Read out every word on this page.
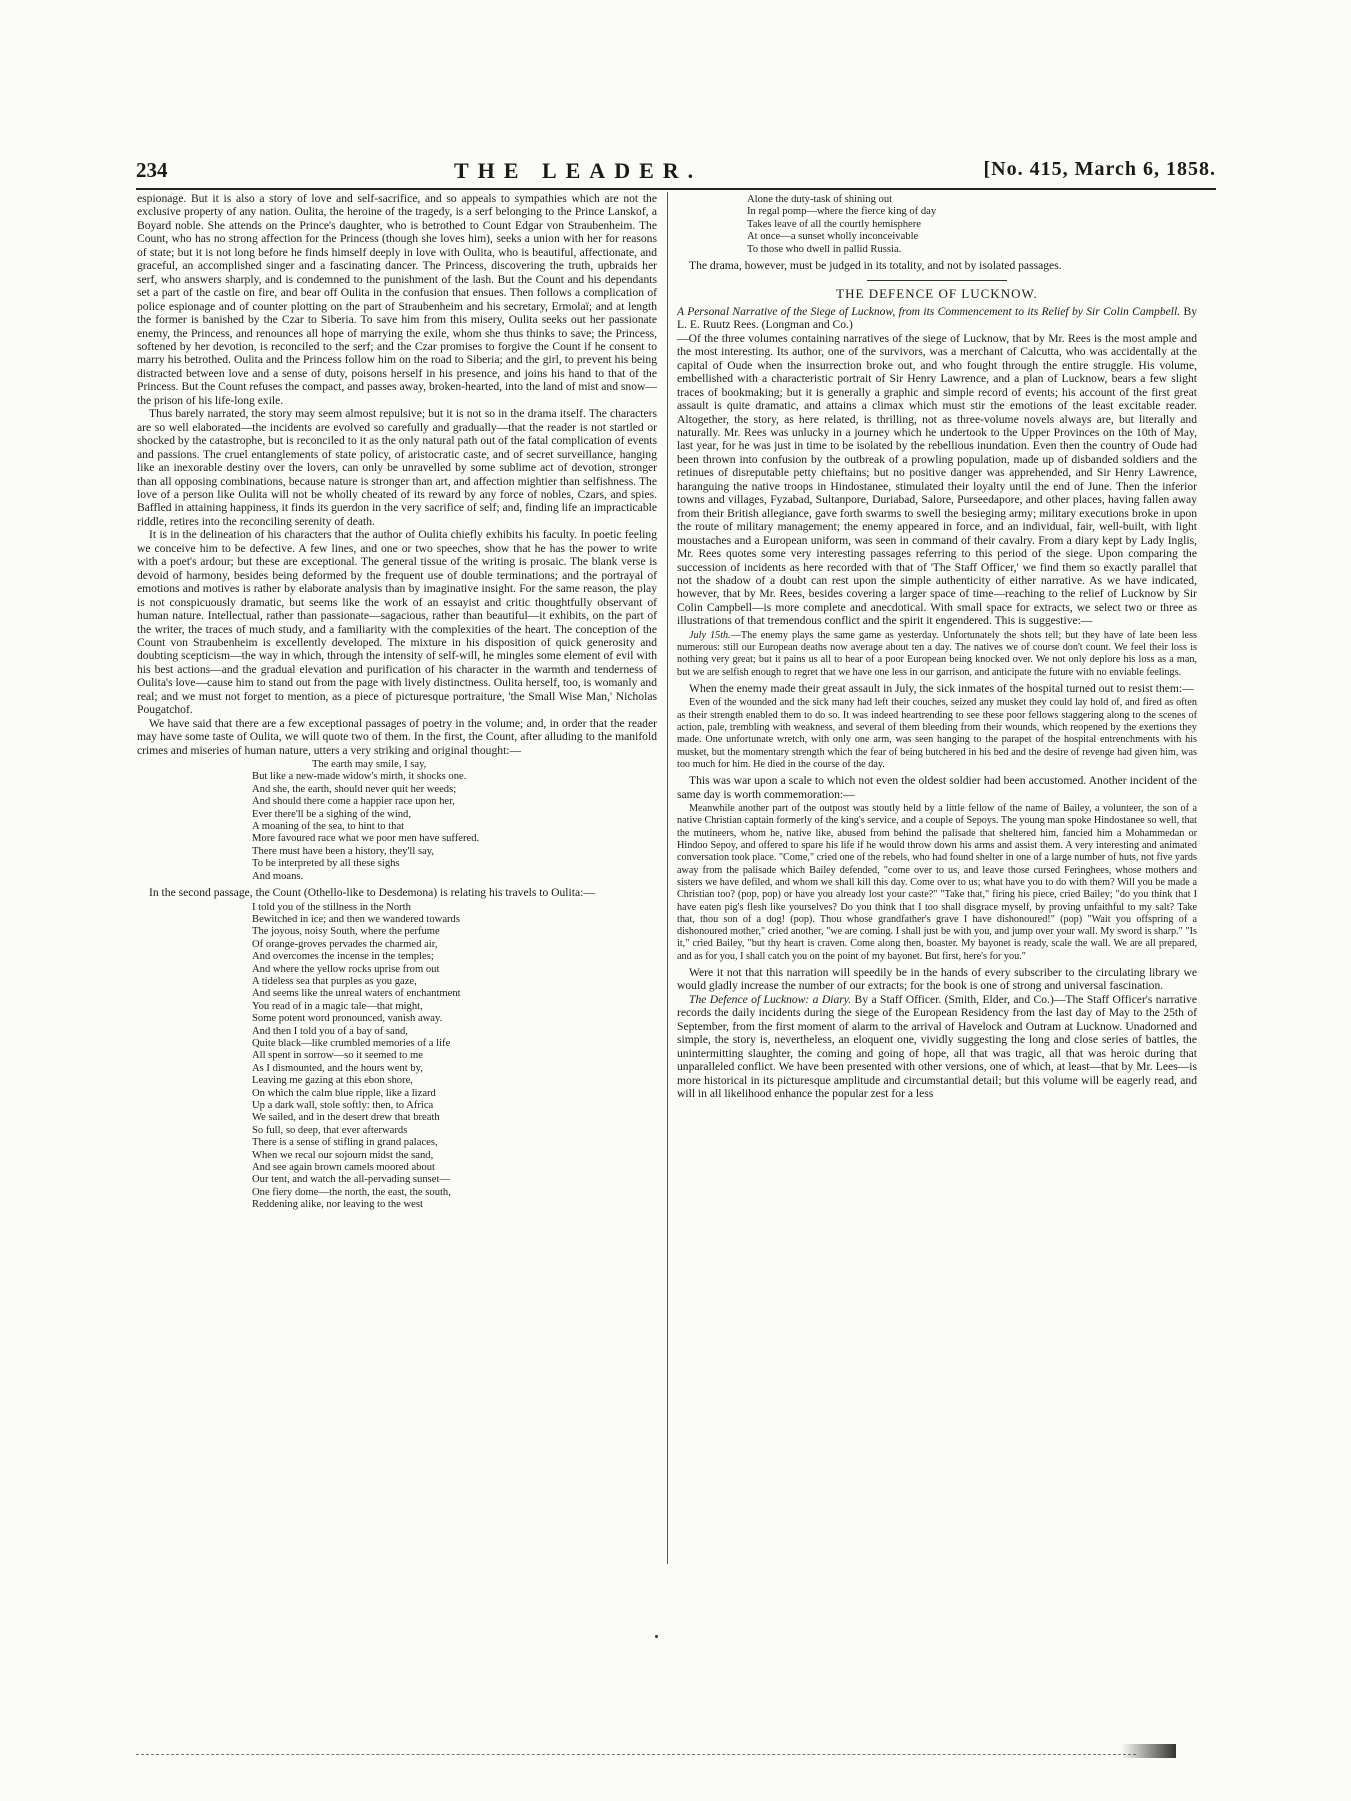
234	THE LEADER.	[No. 415, March 6, 1858.

espionage. But it is also a story of love and self-sacrifice, and so appeals to sympathies which are not the exclusive property of any nation. Oulita, the heroine of the tragedy, is a serf belonging to the Prince Lanskof, a Boyard noble. She attends on the Prince's daughter, who is betrothed to Count Edgar von Straubenheim. The Count, who has no strong affection for the Princess (though she loves him), seeks a union with her for reasons of state; but it is not long before he finds himself deeply in love with Oulita, who is beautiful, affectionate, and graceful, an accomplished singer and a fascinating dancer. The Princess, discovering the truth, upbraids her serf, who answers sharply, and is condemned to the punishment of the lash. But the Count and his dependants set a part of the castle on fire, and bear off Oulita in the confusion that ensues. Then follows a complication of police espionage and of counter plotting on the part of Straubenheim and his secretary, Ermolaï; and at length the former is banished by the Czar to Siberia. To save him from this misery, Oulita seeks out her passionate enemy, the Princess, and renounces all hope of marrying the exile, whom she thus thinks to save; the Princess, softened by her devotion, is reconciled to the serf; and the Czar promises to forgive the Count if he consent to marry his betrothed. Oulita and the Princess follow him on the road to Siberia; and the girl, to prevent his being distracted between love and a sense of duty, poisons herself in his presence, and joins his hand to that of the Princess. But the Count refuses the compact, and passes away, broken-hearted, into the land of mist and snow—the prison of his life-long exile.

Thus barely narrated, the story may seem almost repulsive; but it is not so in the drama itself. The characters are so well elaborated—the incidents are evolved so carefully and gradually—that the reader is not startled or shocked by the catastrophe, but is reconciled to it as the only natural path out of the fatal complication of events and passions. The cruel entanglements of state policy, of aristocratic caste, and of secret surveillance, hanging like an inexorable destiny over the lovers, can only be unravelled by some sublime act of devotion, stronger than all opposing combinations, because nature is stronger than art, and affection mightier than selfishness. The love of a person like Oulita will not be wholly cheated of its reward by any force of nobles, Czars, and spies. Baffled in attaining happiness, it finds its guerdon in the very sacrifice of self; and, finding life an impracticable riddle, retires into the reconciling serenity of death.

It is in the delineation of his characters that the author of Oulita chiefly exhibits his faculty. In poetic feeling we conceive him to be defective. A few lines, and one or two speeches, show that he has the power to write with a poet's ardour; but these are exceptional. The general tissue of the writing is prosaic. The blank verse is devoid of harmony, besides being deformed by the frequent use of double terminations; and the portrayal of emotions and motives is rather by elaborate analysis than by imaginative insight. For the same reason, the play is not conspicuously dramatic, but seems like the work of an essayist and critic thoughtfully observant of human nature. Intellectual, rather than passionate—sagacious, rather than beautiful—it exhibits, on the part of the writer, the traces of much study, and a familiarity with the complexities of the heart. The conception of the Count von Straubenheim is excellently developed. The mixture in his disposition of quick generosity and doubting scepticism—the way in which, through the intensity of self-will, he mingles some element of evil with his best actions—and the gradual elevation and purification of his character in the warmth and tenderness of Oulita's love—cause him to stand out from the page with lively distinctness. Oulita herself, too, is womanly and real; and we must not forget to mention, as a piece of picturesque portraiture, 'the Small Wise Man,' Nicholas Pougatchof.

We have said that there are a few exceptional passages of poetry in the volume; and, in order that the reader may have some taste of Oulita, we will quote two of them. In the first, the Count, after alluding to the manifold crimes and miseries of human nature, utters a very striking and original thought:—

The earth may smile, I say,
But like a new-made widow's mirth, it shocks one.
And she, the earth, should never quit her weeds;
And should there come a happier race upon her,
Ever there'll be a sighing of the wind,
A moaning of the sea, to hint to that
More favoured race what we poor men have suffered.
There must have been a history, they'll say,
To be interpreted by all these sighs
And moans.

In the second passage, the Count (Othello-like to Desdemona) is relating his travels to Oulita:—

I told you of the stillness in the North
Bewitched in ice; and then we wandered towards
The joyous, noisy South, where the perfume
Of orange-groves pervades the charmed air,
And overcomes the incense in the temples;
And where the yellow rocks uprise from out
A tideless sea that purples as you gaze,
And seems like the unreal waters of enchantment
You read of in a magic tale—that might,
Some potent word pronounced, vanish away.
And then I told you of a bay of sand,
Quite black—like crumbled memories of a life
All spent in sorrow—so it seemed to me
As I dismounted, and the hours went by,
Leaving me gazing at this ebon shore,
On which the calm blue ripple, like a lizard
Up a dark wall, stole softly: then, to Africa
We sailed, and in the desert drew that breath
So full, so deep, that ever afterwards
There is a sense of stifling in grand palaces,
When we recal our sojourn midst the sand,
And see again brown camels moored about
Our tent, and watch the all-pervading sunset—
One fiery dome—the north, the east, the south,
Reddening alike, nor leaving to the west
Alone the duty-task of shining out
In regal pomp—where the fierce king of day
Takes leave of all the courtly hemisphere
At once—a sunset wholly inconceivable
To those who dwell in pallid Russia.

The drama, however, must be judged in its totality, and not by isolated passages.

THE DEFENCE OF LUCKNOW.

A Personal Narrative of the Siege of Lucknow, from its Commencement to its Relief by Sir Colin Campbell. By L. E. Ruutz Rees. (Longman and Co.)

—Of the three volumes containing narratives of the siege of Lucknow, that by Mr. Rees is the most ample and the most interesting. Its author, one of the survivors, was a merchant of Calcutta, who was accidentally at the capital of Oude when the insurrection broke out, and who fought through the entire struggle. His volume, embellished with a characteristic portrait of Sir Henry Lawrence, and a plan of Lucknow, bears a few slight traces of bookmaking; but it is generally a graphic and simple record of events; his account of the first great assault is quite dramatic, and attains a climax which must stir the emotions of the least excitable reader. Altogether, the story, as here related, is thrilling, not as three-volume novels always are, but literally and naturally. Mr. Rees was unlucky in a journey which he undertook to the Upper Provinces on the 10th of May, last year, for he was just in time to be isolated by the rebellious inundation. Even then the country of Oude had been thrown into confusion by the outbreak of a prowling population, made up of disbanded soldiers and the retinues of disreputable petty chieftains; but no positive danger was apprehended, and Sir Henry Lawrence, haranguing the native troops in Hindostanee, stimulated their loyalty until the end of June. Then the inferior towns and villages, Fyzabad, Sultanpore, Duriabad, Salore, Purseedapore, and other places, having fallen away from their British allegiance, gave forth swarms to swell the besieging army; military executions broke in upon the route of military management; the enemy appeared in force, and an individual, fair, well-built, with light moustaches and a European uniform, was seen in command of their cavalry. From a diary kept by Lady Inglis, Mr. Rees quotes some very interesting passages referring to this period of the siege. Upon comparing the succession of incidents as here recorded with that of 'The Staff Officer,' we find them so exactly parallel that not the shadow of a doubt can rest upon the simple authenticity of either narrative. As we have indicated, however, that by Mr. Rees, besides covering a larger space of time—reaching to the relief of Lucknow by Sir Colin Campbell—is more complete and anecdotical. With small space for extracts, we select two or three as illustrations of that tremendous conflict and the spirit it engendered. This is suggestive:—

July 15th.—The enemy plays the same game as yesterday. Unfortunately the shots tell; but they have of late been less numerous: still our European deaths now average about ten a day. The natives we of course don't count. We feel their loss is nothing very great; but it pains us all to hear of a poor European being knocked over. We not only deplore his loss as a man, but we are selfish enough to regret that we have one less in our garrison, and anticipate the future with no enviable feelings.

When the enemy made their great assault in July, the sick inmates of the hospital turned out to resist them:—

Even of the wounded and the sick many had left their couches, seized any musket they could lay hold of, and fired as often as their strength enabled them to do so. It was indeed heartrending to see these poor fellows staggering along to the scenes of action, pale, trembling with weakness, and several of them bleeding from their wounds, which reopened by the exertions they made. One unfortunate wretch, with only one arm, was seen hanging to the parapet of the hospital entrenchments with his musket, but the momentary strength which the fear of being butchered in his bed and the desire of revenge had given him, was too much for him. He died in the course of the day.

This was war upon a scale to which not even the oldest soldier had been accustomed. Another incident of the same day is worth commemoration:—

Meanwhile another part of the outpost was stoutly held by a little fellow of the name of Bailey, a volunteer, the son of a native Christian captain formerly of the king's service, and a couple of Sepoys. The young man spoke Hindostanee so well, that the mutineers, whom he, native like, abused from behind the palisade that sheltered him, fancied him a Mohammedan or Hindoo Sepoy, and offered to spare his life if he would throw down his arms and assist them. A very interesting and animated conversation took place. "Come," cried one of the rebels, who had found shelter in one of a large number of huts, not five yards away from the palisade which Bailey defended, "come over to us, and leave those cursed Feringhees, whose mothers and sisters we have defiled, and whom we shall kill this day. Come over to us; what have you to do with them? Will you be made a Christian too? (pop, pop) or have you already lost your caste?" "Take that," firing his piece, cried Bailey; "do you think that I have eaten pig's flesh like yourselves? Do you think that I too shall disgrace myself, by proving unfaithful to my salt? Take that, thou son of a dog! (pop). Thou whose grandfather's grave I have dishonoured!" (pop) "Wait you offspring of a dishonoured mother," cried another, "we are coming. I shall just be with you, and jump over your wall. My sword is sharp." "Is it," cried Bailey, "but thy heart is craven. Come along then, boaster. My bayonet is ready, scale the wall. We are all prepared, and as for you, I shall catch you on the point of my bayonet. But first, here's for you."

Were it not that this narration will speedily be in the hands of every subscriber to the circulating library we would gladly increase the number of our extracts; for the book is one of strong and universal fascination.

The Defence of Lucknow: a Diary. By a Staff Officer. (Smith, Elder, and Co.)—The Staff Officer's narrative records the daily incidents during the siege of the European Residency from the last day of May to the 25th of September, from the first moment of alarm to the arrival of Havelock and Outram at Lucknow. Unadorned and simple, the story is, nevertheless, an eloquent one, vividly suggesting the long and close series of battles, the unintermitting slaughter, the coming and going of hope, all that was tragic, all that was heroic during that unparalleled conflict. We have been presented with other versions, one of which, at least—that by Mr. Lees—is more historical in its picturesque amplitude and circumstantial detail; but this volume will be eagerly read, and will in all likelihood enhance the popular zest for a less
